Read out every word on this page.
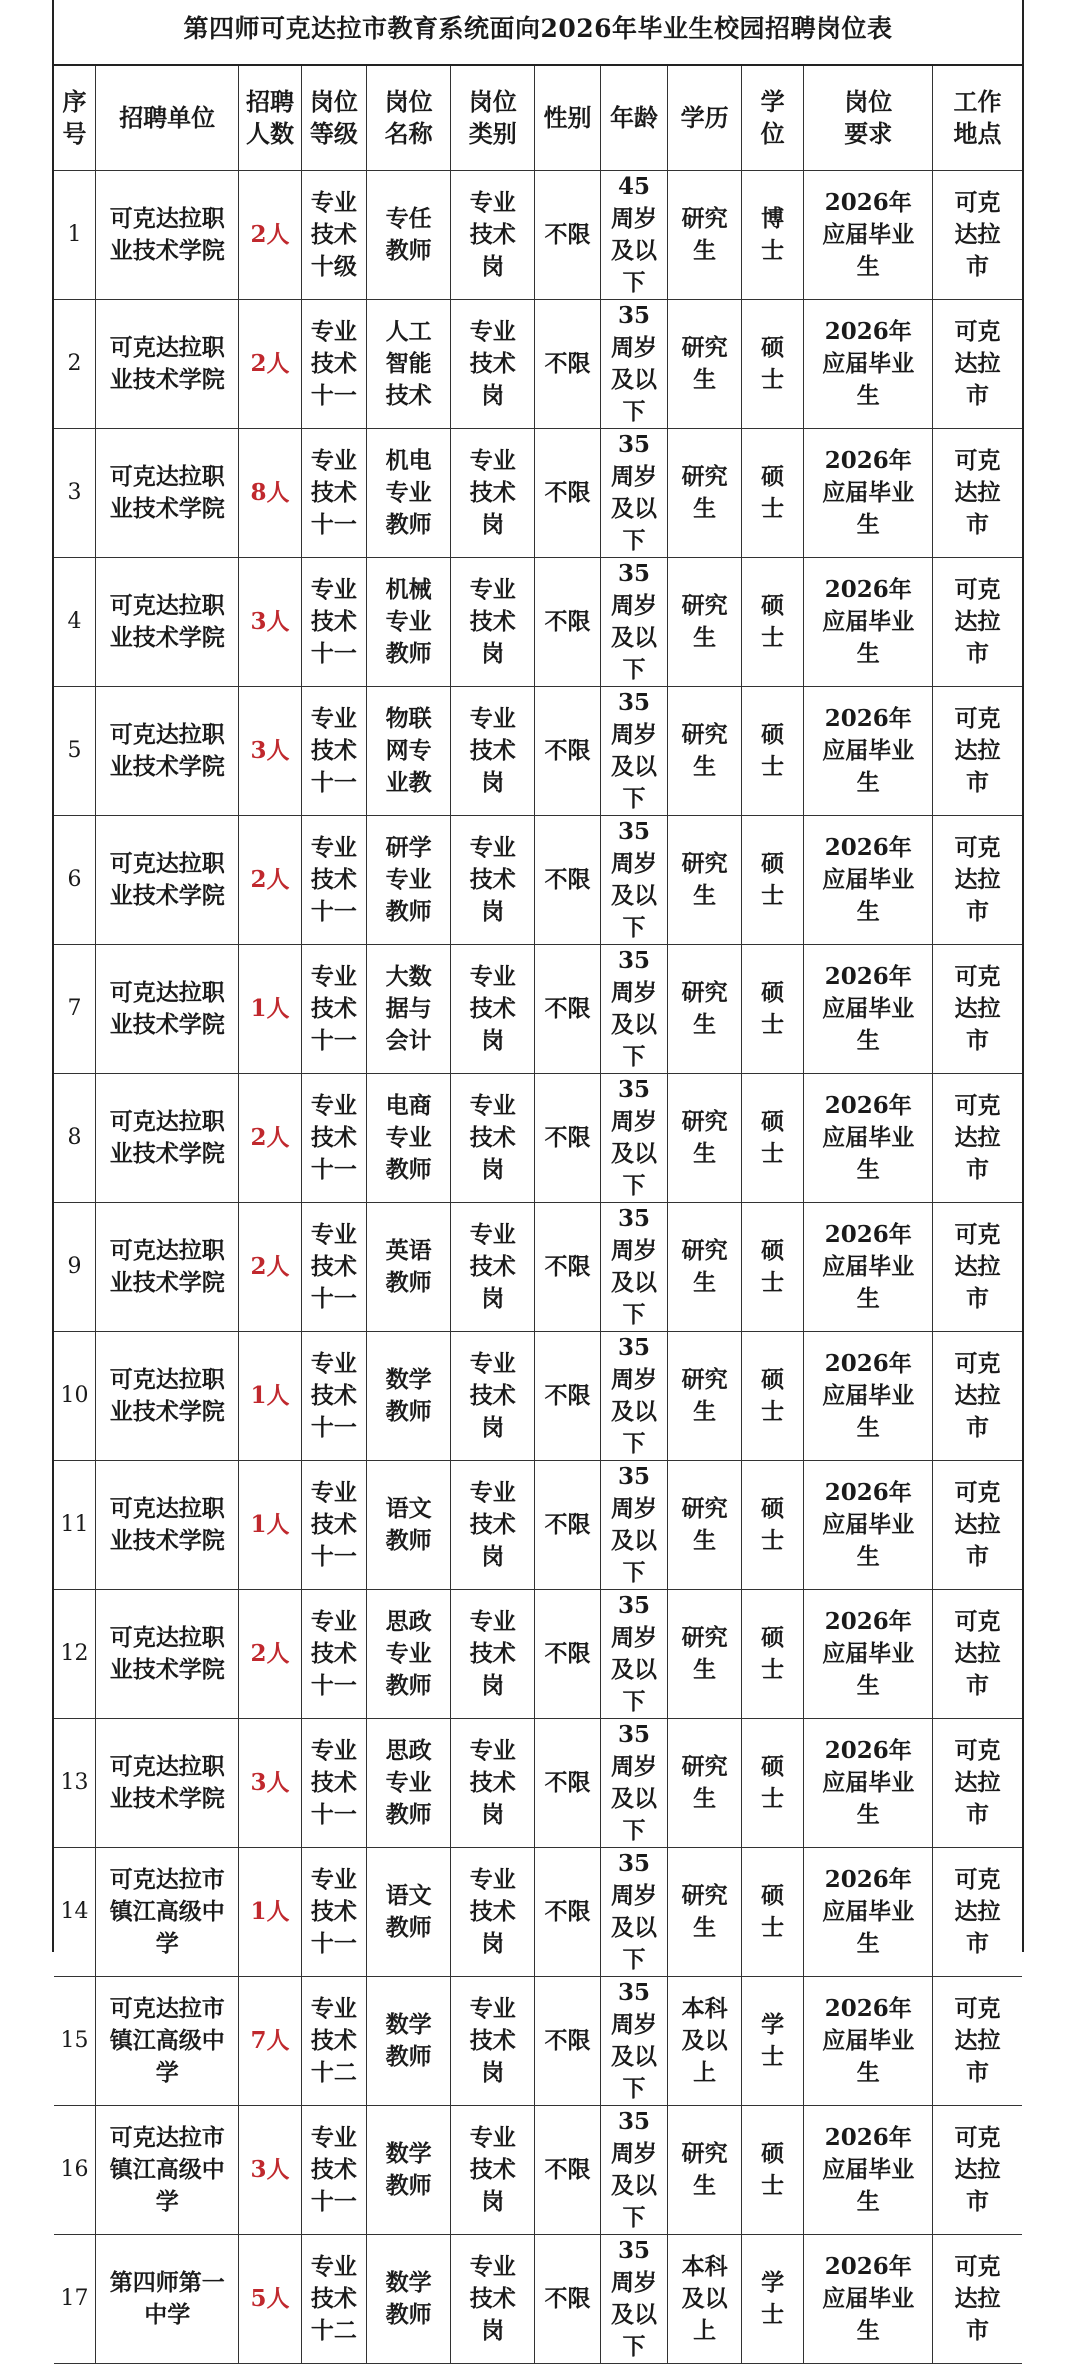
第四师可克达拉市教育系统面向2026年毕业生校园招聘岗位表
序号	招聘单位	招聘人数	岗位等级	岗位名称	岗位类别	性别	年龄	学历	学位	岗位要求	工作地点
1	可克达拉职业技术学院	2人	专业技术十级	专任教师	专业技术岗	不限	45周岁及以下	研究生	博士	2026年应届毕业生	可克达拉市
2	可克达拉职业技术学院	2人	专业技术十一	人工智能技术	专业技术岗	不限	35周岁及以下	研究生	硕士	2026年应届毕业生	可克达拉市
3	可克达拉职业技术学院	8人	专业技术十一	机电专业教师	专业技术岗	不限	35周岁及以下	研究生	硕士	2026年应届毕业生	可克达拉市
4	可克达拉职业技术学院	3人	专业技术十一	机械专业教师	专业技术岗	不限	35周岁及以下	研究生	硕士	2026年应届毕业生	可克达拉市
5	可克达拉职业技术学院	3人	专业技术十一	物联网专业教	专业技术岗	不限	35周岁及以下	研究生	硕士	2026年应届毕业生	可克达拉市
6	可克达拉职业技术学院	2人	专业技术十一	研学专业教师	专业技术岗	不限	35周岁及以下	研究生	硕士	2026年应届毕业生	可克达拉市
7	可克达拉职业技术学院	1人	专业技术十一	大数据与会计	专业技术岗	不限	35周岁及以下	研究生	硕士	2026年应届毕业生	可克达拉市
8	可克达拉职业技术学院	2人	专业技术十一	电商专业教师	专业技术岗	不限	35周岁及以下	研究生	硕士	2026年应届毕业生	可克达拉市
9	可克达拉职业技术学院	2人	专业技术十一	英语教师	专业技术岗	不限	35周岁及以下	研究生	硕士	2026年应届毕业生	可克达拉市
10	可克达拉职业技术学院	1人	专业技术十一	数学教师	专业技术岗	不限	35周岁及以下	研究生	硕士	2026年应届毕业生	可克达拉市
11	可克达拉职业技术学院	1人	专业技术十一	语文教师	专业技术岗	不限	35周岁及以下	研究生	硕士	2026年应届毕业生	可克达拉市
12	可克达拉职业技术学院	2人	专业技术十一	思政专业教师	专业技术岗	不限	35周岁及以下	研究生	硕士	2026年应届毕业生	可克达拉市
13	可克达拉职业技术学院	3人	专业技术十一	思政专业教师	专业技术岗	不限	35周岁及以下	研究生	硕士	2026年应届毕业生	可克达拉市
14	可克达拉市镇江高级中学	1人	专业技术十一	语文教师	专业技术岗	不限	35周岁及以下	研究生	硕士	2026年应届毕业生	可克达拉市
15	可克达拉市镇江高级中学	7人	专业技术十二	数学教师	专业技术岗	不限	35周岁及以下	本科及以上	学士	2026年应届毕业生	可克达拉市
16	可克达拉市镇江高级中学	3人	专业技术十一	数学教师	专业技术岗	不限	35周岁及以下	研究生	硕士	2026年应届毕业生	可克达拉市
17	第四师第一中学	5人	专业技术十二	数学教师	专业技术岗	不限	35周岁及以下	本科及以上	学士	2026年应届毕业生	可克达拉市
